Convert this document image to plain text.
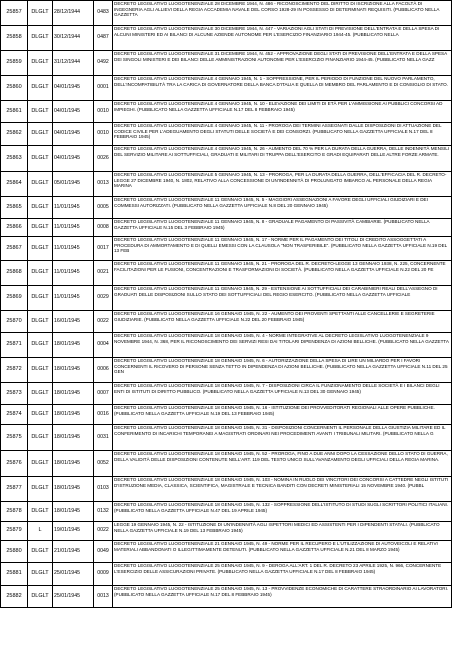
25857	DLGLT	28/12/1944	0483	DECRETO LEGISLATIVO LUOGOTENENZIALE 28 DICEMBRE 1944, N. 486 - RICONOSCIMENTO DEL DIRITTO DI ISCRIZIONE ALLA FACOLTÀ DI INGEGNERIA AGLI ALLIEVI DELLA REGIA ACCADEMIA NAVALE DEL CORSO 1928-29 IN POSSESSO DI DETERMINATI REQUISITI. (PUBBLICATO NELLA GAZZETTA
25858	DLGLT	30/12/1944	0487	DECRETO LEGISLATIVO LUOGOTENENZIALE 30 DICEMBRE 1944, N. 447 - VARIAZIONI AGLI STATI DI PREVISIONE DELL'ENTRATA E DELLA SPESA DI ALCUNI MINISTERI ED AI BILANCI DI ALCUNE AZIENDE AUTONOME PER L'ESERCIZIO FINANZIARIO 1944-45. (PUBBLICATO NELLA
25859	DLGLT	31/12/1944	0492	DECRETO LEGISLATIVO LUOGOTENENZIALE 31 DICEMBRE 1944, N. 452 - APPROVAZIONE DEGLI STATI DI PREVISIONE DELL'ENTRATA E DELLA SPESA DEI SINGOLI MINISTERI E DEI BILANCI DELLE AMMINISTRAZIONI AUTONOME PER L'ESERCIZIO FINANZIARIO 1944-45. (PUBBLICATO NELLA GAZZ
25860	DLGLT	04/01/1945	0001	DECRETO LEGISLATIVO LUOGOTENENZIALE 4 GENNAIO 1945, N. 1 - SOPPRESSIONE, PER IL PERIODO DI FUNZIONE DEL NUOVO PARLAMENTO, DELL'INCOMPATIBILITÀ TRA LA CARICA DI GOVERNATORE DELLA BANCA D'ITALIA E QUELLA DI MEMBRO DEL PARLAMENTO E DI CONSIGLIO DI STATO.
25861	DLGLT	04/01/1945	0010	DECRETO LEGISLATIVO LUOGOTENENZIALE 4 GENNAIO 1945, N. 10 - ELEVAZIONE DEI LIMITI DI ETÀ PER L'AMMISSIONE AI PUBBLICI CONCORSI AD IMPIEGHI. (PUBBLICATO NELLA GAZZETTA UFFICIALE N.17 DEL 8 FEBBRAIO 1945)
25862	DLGLT	04/01/1945	0010	DECRETO LEGISLATIVO LUOGOTENENZIALE 4 GENNAIO 1945, N. 11 - PROROGA DEI TERMINI ASSEGNATI DALLE DISPOSIZIONI DI ATTUAZIONE DEL CODICE CIVILE PER L'ADEGUAMENTO DEGLI STATUTI DELLE SOCIETÀ E DEI CONSORZI. (PUBBLICATO NELLA GAZZETTA UFFICIALE N.17 DEL 8 FEBBRAIO 1945)
25863	DLGLT	04/01/1945	0026	DECRETO LEGISLATIVO LUOGOTENENZIALE 4 GENNAIO 1945, N. 26 - AUMENTO DEL 70 % PER LA DURATA DELLA GUERRA, DELLE INDENNITÀ MENSILI DEL SERVIZIO MILITARE AI SOTTUFFICIALI, GRADUATI E MILITARI DI TRUPPA DELL'ESERCITO E GRADI EQUIPARATI DELLE ALTRE FORZE ARMATE.
25864	DLGLT	05/01/1945	0013	DECRETO LEGISLATIVO LUOGOTENENZIALE 5 GENNAIO 1945, N. 13 - PROROGA, PER LA DURATA DELLA GUERRA, DELL'EFFICACIA DEL R. DECRETO-LEGGE 27 DICEMBRE 1940, N. 1802, RELATIVO ALLA CONCESSIONE DI UN'INDENNITÀ DI PROLUNGATO IMBARCO AL PERSONALE DELLA REGIA MARINA
25865	DLGLT	11/01/1945	0005	DECRETO LEGISLATIVO LUOGOTENENZIALE 11 GENNAIO 1945, N. 5 - MAGGIORI ASSEGNAZIONI A FAVORE DEGLI UFFICIALI GIUDIZIARI E DEI COMMESSI AUTORIZZATI. (PUBBLICATO NELLA GAZZETTA UFFICIALE N.8 DEL 20 GENNAIO 1945)
25866	DLGLT	11/01/1945	0008	DECRETO LEGISLATIVO LUOGOTENENZIALE 11 GENNAIO 1945, N. 8 - GRADUALE PAGAMENTO DI PASSIVITÀ CAMBIARIE. (PUBBLICATO NELLA GAZZETTA UFFICIALE N.15 DEL 3 FEBBRAIO 1945)
25867	DLGLT	11/01/1945	0017	DECRETO LEGISLATIVO LUOGOTENENZIALE 11 GENNAIO 1945, N. 17 - NORME PER IL PAGAMENTO DEI TITOLI DI CREDITO ASSOGGETTATI A PROCEDURA DI AMMORTAMENTO E DI QUELLI EMESSI CON LA CLAUSOLA "NON TRASFERIBILE". (PUBBLICATO NELLA GAZZETTA UFFICIALE N.19 DEL 13 FEB
25868	DLGLT	11/01/1945	0021	DECRETO LEGISLATIVO LUOGOTENENZIALE 11 GENNAIO 1945, N. 21 - PROROGA DEL R. DECRETO-LEGGE 13 GENNAIO 1938, N. 225, CONCERNENTE FACILITAZIONI PER LE FUSIONI, CONCENTRAZIONI E TRASFORMAZIONI DI SOCIETÀ. (PUBBLICATO NELLA GAZZETTA UFFICIALE N.22 DEL 20 FE
25869	DLGLT	11/01/1945	0029	DECRETO LEGISLATIVO LUOGOTENENZIALE 11 GENNAIO 1945, N. 29 - ESTENSIONE AI SOTTUFFICIALI DEI CARABINIERI REALI DELL'ASSEGNO DI GRADUATI DELLE DISPOSIZIONI SULLO STATO DEI SOTTUFFICIALI DEL REGIO ESERCITO. (PUBBLICATO NELLA GAZZETTA UFFICIALE
25870	DLGLT	16/01/1945	0022	DECRETO LEGISLATIVO LUOGOTENENZIALE 16 GENNAIO 1945, N. 22 - AUMENTO DEI PROVENTI SPETTANTI ALLE CANCELLERIE E SEGRETERIE GIUDIZIARIE. (PUBBLICATO NELLA GAZZETTA UFFICIALE N.22 DEL 20 FEBBRAIO 1945)
25871	DLGLT	18/01/1945	0004	DECRETO LEGISLATIVO LUOGOTENENZIALE 18 GENNAIO 1945, N. 4 - NORME INTEGRATIVE AL DECRETO LEGISLATIVO LUOGOTENENZIALE 9 NOVEMBRE 1944, N. 368, PER IL RICONOSCIMENTO DEI SERVIZI RESI DAI TITOLARI DIPENDENZA DI AZIONI BELLICHE. (PUBBLICATO NELLA GAZZETTA
25872	DLGLT	18/01/1945	0006	DECRETO LEGISLATIVO LUOGOTENENZIALE 18 GENNAIO 1945, N. 6 - AUTORIZZAZIONE DELLA SPESA DI LIRE UN MILIARDO PER I FAVORI CONCERNENTI IL RICOVERO DI PERSONE SENZA TETTO IN DIPENDENZA DI AZIONI BELLICHE. (PUBBLICATO NELLA GAZZETTA UFFICIALE N.11 DEL 25 GEN
25873	DLGLT	18/01/1945	0007	DECRETO LEGISLATIVO LUOGOTENENZIALE 18 GENNAIO 1945, N. 7 - DISPOSIZIONI CIRCA IL FUNZIONAMENTO DELLE SOCIETÀ E I BILANCI DEGLI ENTI DI ISTITUTI DI DIRITTO PUBBLICO. (PUBBLICATO NELLA GAZZETTA UFFICIALE N.13 DEL 30 GENNAIO 1945)
25874	DLGLT	18/01/1945	0016	DECRETO LEGISLATIVO LUOGOTENENZIALE 18 GENNAIO 1945, N. 16 - ISTITUZIONE DEI PROVVEDITORATI REGIONALI ALLE OPERE PUBBLICHE. (PUBBLICATO NELLA GAZZETTA UFFICIALE N.19 DEL 13 FEBBRAIO 1945)
25875	DLGLT	18/01/1945	0031	DECRETO LEGISLATIVO LUOGOTENENZIALE 18 GENNAIO 1945, N. 31 - DISPOSIZIONI CONCERNENTI IL PERSONALE DELLA GIUSTIZIA MILITARE ED IL CONFERIMENTO DI INCARICHI TEMPORANEI A MAGISTRATI ORDINARI NEI PROCEDIMENTI AVANTI I TRIBUNALI MILITARI. (PUBBLICATO NELLA G
25876	DLGLT	18/01/1945	0052	DECRETO LEGISLATIVO LUOGOTENENZIALE 18 GENNAIO 1945, N. 52 - PROROGA, FINO A DUE ANNI DOPO LA CESSAZIONE DELLO STATO DI GUERRA, DELLA VALIDITÀ DELLE DISPOSIZIONI CONTENUTE NELL'ART. 119 DEL TESTO UNICO SULL'AVANZAMENTO DEGLI UFFICIALI DELLA REGIA MARINA.
25877	DLGLT	18/01/1945	0103	DECRETO LEGISLATIVO LUOGOTENENZIALE 18 GENNAIO 1945, N. 103 - NOMINA IN RUOLO DEI VINCITORI DEI CONCORSI A CATTEDRE NEGLI ISTITUTI D'ISTRUZIONE MEDIA, CLASSICA, SCIENTIFICA, MAGISTRALE E TECNICA BANDITI CON DECRETI MINISTERIALI 15 NOVEMBRE 1940. (PUBBL
25878	DLGLT	18/01/1945	0132	DECRETO LEGISLATIVO LUOGOTENENZIALE 18 GENNAIO 1945, N. 132 - SOPPRESSIONE DELL'ISTITUTO DI STUDI SUGLI SCRITTORI POLITICI ITALIANI. (PUBBLICATO NELLA GAZZETTA UFFICIALE N.47 DEL 19 APRILE 1945)
25879	L	19/01/1945	0022	LEGGE 19 GENNAIO 1945, N. 22 - ISTITUZIONE DI UN'INDENNITÀ AGLI ISPETTORI MEDICI ED ASSISTENTI PER I DIPENDENTI STATALI. (PUBBLICATO NELLA GAZZETTA UFFICIALE N.19 DEL 13 FEBBRAIO 1945)
25880	DLGLT	21/01/1945	0049	DECRETO LEGISLATIVO LUOGOTENENZIALE 21 GENNAIO 1945, N. 49 - NORME PER IL RECUPERO E L'UTILIZZAZIONE DI AUTOVEICOLI E RELATIVI MATERIALI ABBANDONATI O ILLEGITTIMAMENTE DETENUTI. (PUBBLICATO NELLA GAZZETTA UFFICIALE N.21 DEL 8 MARZO 1945)
25881	DLGLT	25/01/1945	0009	DECRETO LEGISLATIVO LUOGOTENENZIALE 25 GENNAIO 1945, N. 9 - DEROGA ALL'ART. 1 DEL R. DECRETO 23 APRILE 1925, N. 966, CONCERNENTE L'ESERCIZIO DELLE ASSICURAZIONI PRIVATE. (PUBBLICATO NELLA GAZZETTA UFFICIALE N.17 DEL 8 FEBBRAIO 1945)
25882	DLGLT	25/01/1945	0013	DECRETO LEGISLATIVO LUOGOTENENZIALE 25 GENNAIO 1945, N. 13 - PROVVIDENZE ECONOMICHE DI CARATTERE STRAORDINARIO AI LAVORATORI. (PUBBLICATO NELLA GAZZETTA UFFICIALE N.17 DEL 8 FEBBRAIO 1945)
